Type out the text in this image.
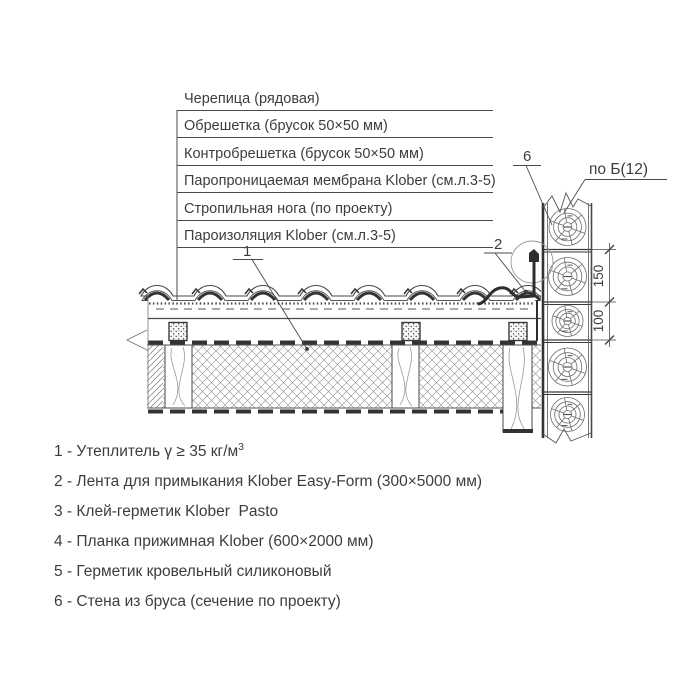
1	2
6
по Б(12)
150
100
Черепица (рядовая)
Обрешетка (брусок 50×50 мм)
Контробрешетка (брусок 50×50 мм)
Паропроницаемая мембрана Klober (см.л.3-5)
Стропильная нога (по проекту)
Пароизоляция Klober (см.л.3-5)
1 - Утеплитель γ ≥ 35 $кг/м^3$
2 - Лента для примыкания Klober Easy-Form (300×5000 мм)
3 - Клей-герметик Klober  Pasto
4 - Планка прижимная Klober (600×2000 мм)
5 - Герметик кровельный силиконовый
6 - Стена из бруса (сечение по проекту)
